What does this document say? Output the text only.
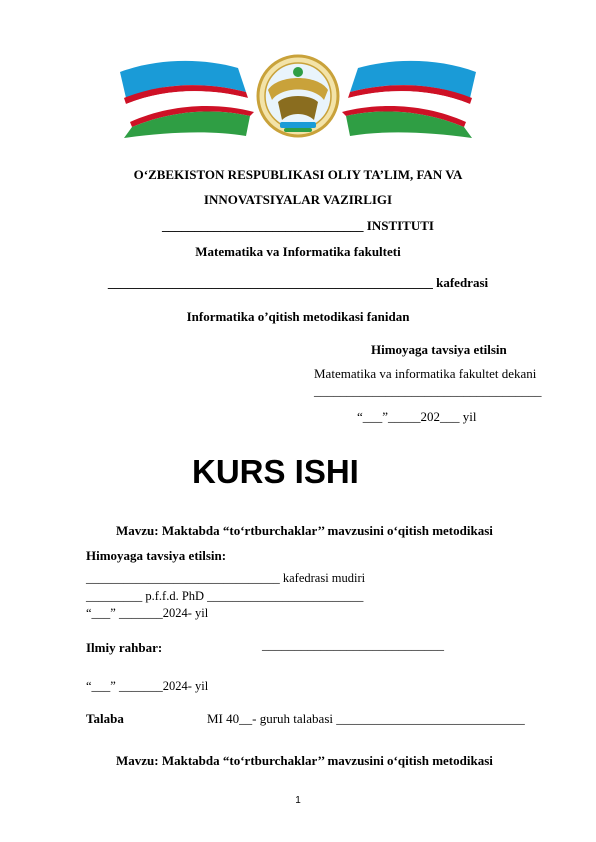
O‘ZBEKISTON RESPUBLIKASI OLIY TA’LIM, FAN VA
INNOVATSIYALAR VAZIRLIGI
_______________________________ INSTITUTI
Matematika va Informatika fakulteti
__________________________________________________ kafedrasi
Informatika o’qitish metodikasi fanidan
Himoyaga tavsiya etilsin
Matematika va informatika fakultet dekani
___________________________________
“___”_____202___ yil
KURS ISHI
Mavzu: Maktabda “to‘rtburchaklar’’ mavzusini o‘qitish metodikasi
Himoyaga tavsiya etilsin:
_______________________________ kafedrasi mudiri
_________ p.f.f.d. PhD _________________________
“___” _______2024- yil
Ilmiy rahbar:	____________________________
“___” _______2024- yil
Talaba	MI 40__- guruh talabasi _____________________________
Mavzu: Maktabda “to‘rtburchaklar’’ mavzusini o‘qitish metodikasi
1
